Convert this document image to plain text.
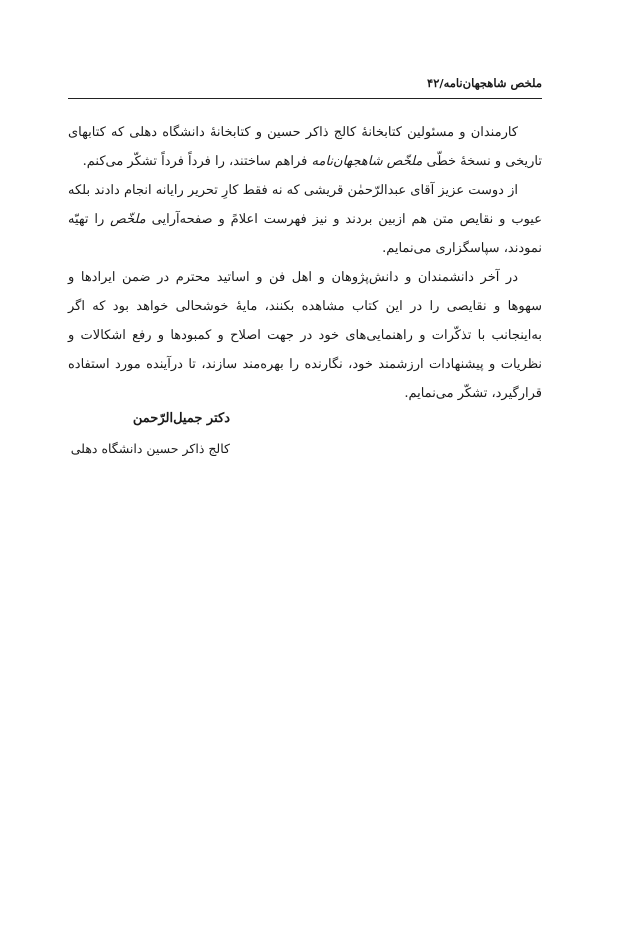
ملخص شاهجهان‌نامه/۴۲

کارمندان و مسئولین کتابخانهٔ کالج ذاکر حسین و کتابخانهٔ دانشگاه دهلی که کتابهای تاریخی و نسخهٔ خطّی ملخّص شاهجهان‌نامه فراهم ساختند، را فرداً فرداً تشکّر می‌کنم.

از دوست عزیز آقای عبدالرّحمٰن قریشی که نه فقط کارِ تحریر رایانه انجام دادند بلکه عیوب و نقایص متن هم ازبین بردند و نیز فهرست اعلامً و صفحه‌آرایی ملخّص را تهیّه نمودند، سپاسگزاری می‌نمایم.

در آخر دانشمندان و دانش‌پژوهان و اهل فن و اساتید محترم در ضمن ایرادها و سهوها و نقایصی را در این کتاب مشاهده بکنند، مایهٔ خوشحالی خواهد بود که اگر به‌اینجانب با تذکّرات و راهنمایی‌های خود در جهت اصلاح و کمبودها و رفع اشکالات و نظریات و پیشنهادات ارزشمند خود، نگارنده را بهره‌مند سازند، تا درآینده مورد استفاده قرارگیرد، تشکّر می‌نمایم.

دکتر جمیل‌الرّحمن
کالج ذاکر حسین دانشگاه دهلی
